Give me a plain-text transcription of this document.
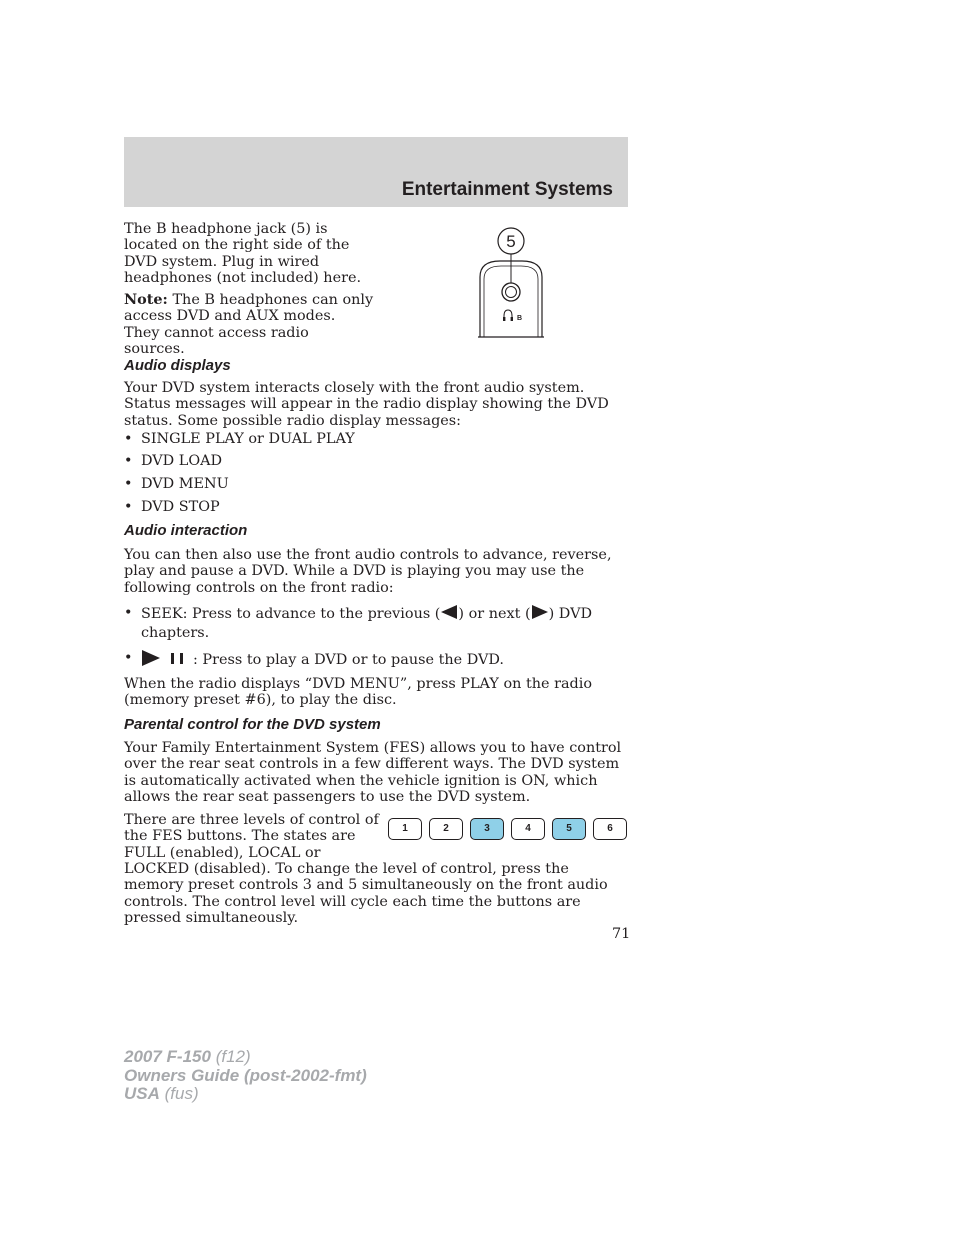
Entertainment Systems

The B headphone jack (5) is located on the right side of the DVD system. Plug in wired headphones (not included) here.

Note: The B headphones can only access DVD and AUX modes. They cannot access radio sources.

5
B
Audio displays

Your DVD system interacts closely with the front audio system. Status messages will appear in the radio display showing the DVD status. Some possible radio display messages:

• SINGLE PLAY or DUAL PLAY
• DVD LOAD
• DVD MENU
• DVD STOP
Audio interaction

You can then also use the front audio controls to advance, reverse, play and pause a DVD. While a DVD is playing you may use the following controls on the front radio:

• SEEK: Press to advance to the previous ( ) or next ( ) DVD
chapters.
•	: Press to play a DVD or to pause the DVD.

When the radio displays “DVD MENU”, press PLAY on the radio (memory preset #6), to play the disc.

Parental control for the DVD system

Your Family Entertainment System (FES) allows you to have control over the rear seat controls in a few different ways. The DVD system is automatically activated when the vehicle ignition is ON, which allows the rear seat passengers to use the DVD system.

There are three levels of control of

the FES buttons. The states are

FULL (enabled), LOCAL or

LOCKED (disabled). To change the level of control, press the memory preset controls 3 and 5 simultaneously on the front audio controls. The control level will cycle each time the buttons are pressed simultaneously.

1	2	3	4	5	6
71
2007 F-150 (f12)
Owners Guide (post-2002-fmt)
USA (fus)
